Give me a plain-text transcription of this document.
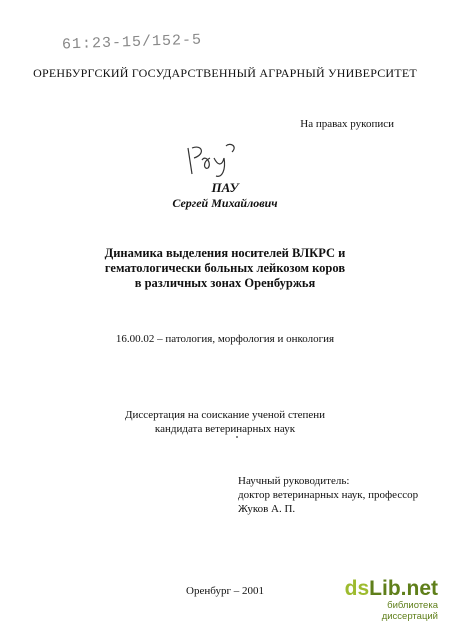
61:23-15/152-5
ОРЕНБУРГСКИЙ ГОСУДАРСТВЕННЫЙ АГРАРНЫЙ УНИВЕРСИТЕТ
На правах рукописи
ПАУ
Сергей Михайлович
Динамика выделения носителей ВЛКРС и
гематологически больных лейкозом коров
в различных зонах Оренбуржья
16.00.02 – патология, морфология и онкология
Диссертация на соискание ученой степени
кандидата ветеринарных наук
Научный руководитель:
доктор ветеринарных наук, профессор
Жуков А. П.
Оренбург – 2001	dsLib.net
библиотека диссертаций
